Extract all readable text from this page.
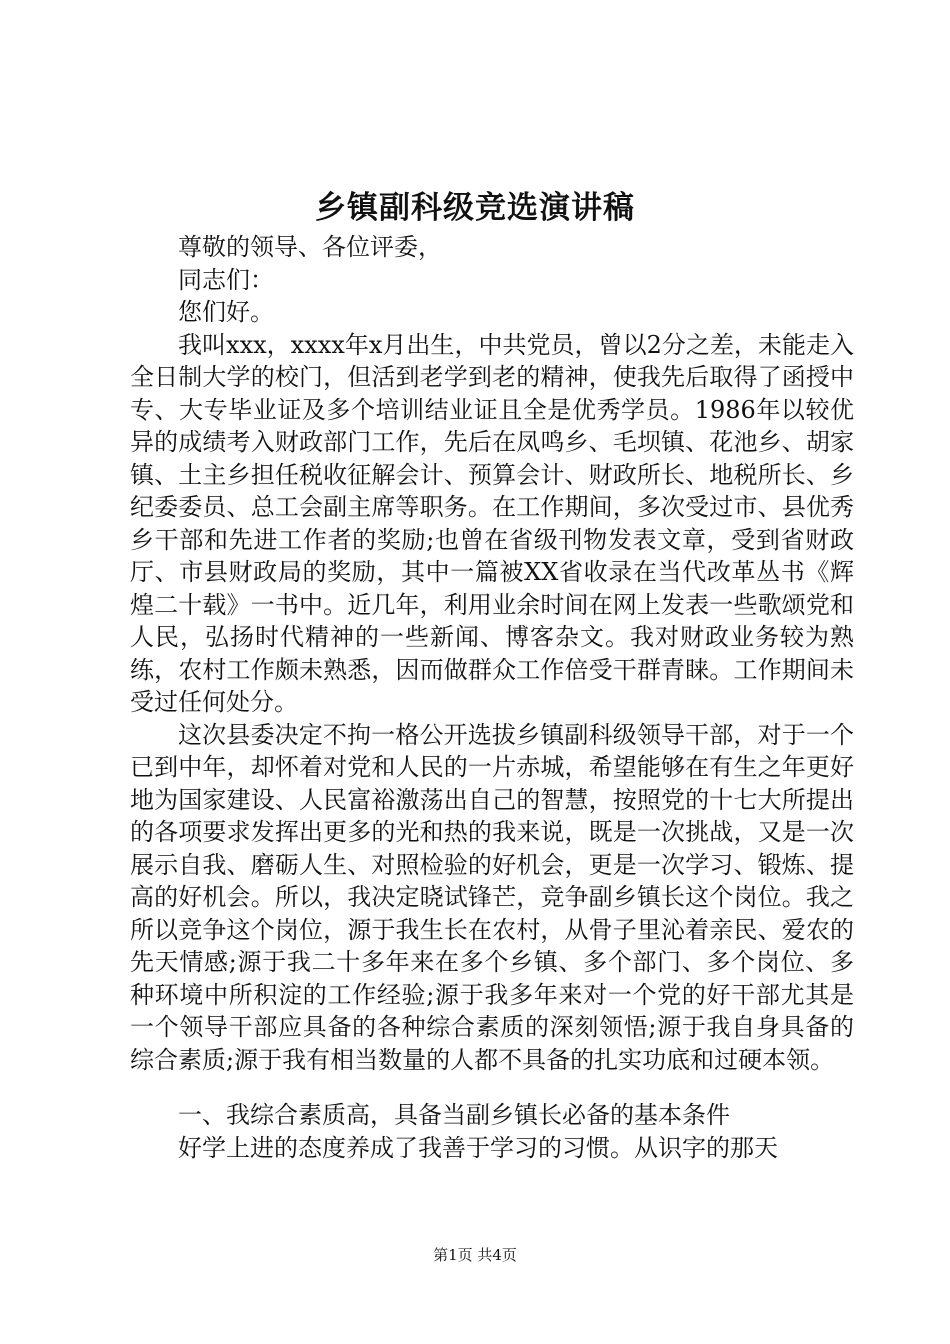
乡镇副科级竞选演讲稿

尊敬的领导、各位评委，

同志们：

您们好。

我叫xxx，xxxx年x月出生，中共党员，曾以2分之差，未能走入全日制大学的校门，但活到老学到老的精神，使我先后取得了函授中专、大专毕业证及多个培训结业证且全是优秀学员。1986年以较优异的成绩考入财政部门工作，先后在凤鸣乡、毛坝镇、花池乡、胡家镇、土主乡担任税收征解会计、预算会计、财政所长、地税所长、乡纪委委员、总工会副主席等职务。在工作期间，多次受过市、县优秀乡干部和先进工作者的奖励;也曾在省级刊物发表文章，受到省财政厅、市县财政局的奖励，其中一篇被XX省收录在当代改革丛书《辉煌二十载》一书中。近几年，利用业余时间在网上发表一些歌颂党和人民，弘扬时代精神的一些新闻、博客杂文。我对财政业务较为熟练，农村工作颇未熟悉，因而做群众工作倍受干群青睐。工作期间未受过任何处分。

这次县委决定不拘一格公开选拔乡镇副科级领导干部，对于一个已到中年，却怀着对党和人民的一片赤城，希望能够在有生之年更好地为国家建设、人民富裕激荡出自己的智慧，按照党的十七大所提出的各项要求发挥出更多的光和热的我来说，既是一次挑战，又是一次展示自我、磨砺人生、对照检验的好机会，更是一次学习、锻炼、提高的好机会。所以，我决定晓试锋芒，竞争副乡镇长这个岗位。我之所以竞争这个岗位，源于我生长在农村，从骨子里沁着亲民、爱农的先天情感;源于我二十多年来在多个乡镇、多个部门、多个岗位、多种环境中所积淀的工作经验;源于我多年来对一个党的好干部尤其是一个领导干部应具备的各种综合素质的深刻领悟;源于我自身具备的综合素质;源于我有相当数量的人都不具备的扎实功底和过硬本领。

一、我综合素质高，具备当副乡镇长必备的基本条件

好学上进的态度养成了我善于学习的习惯。从识字的那天

第1页 共4页
